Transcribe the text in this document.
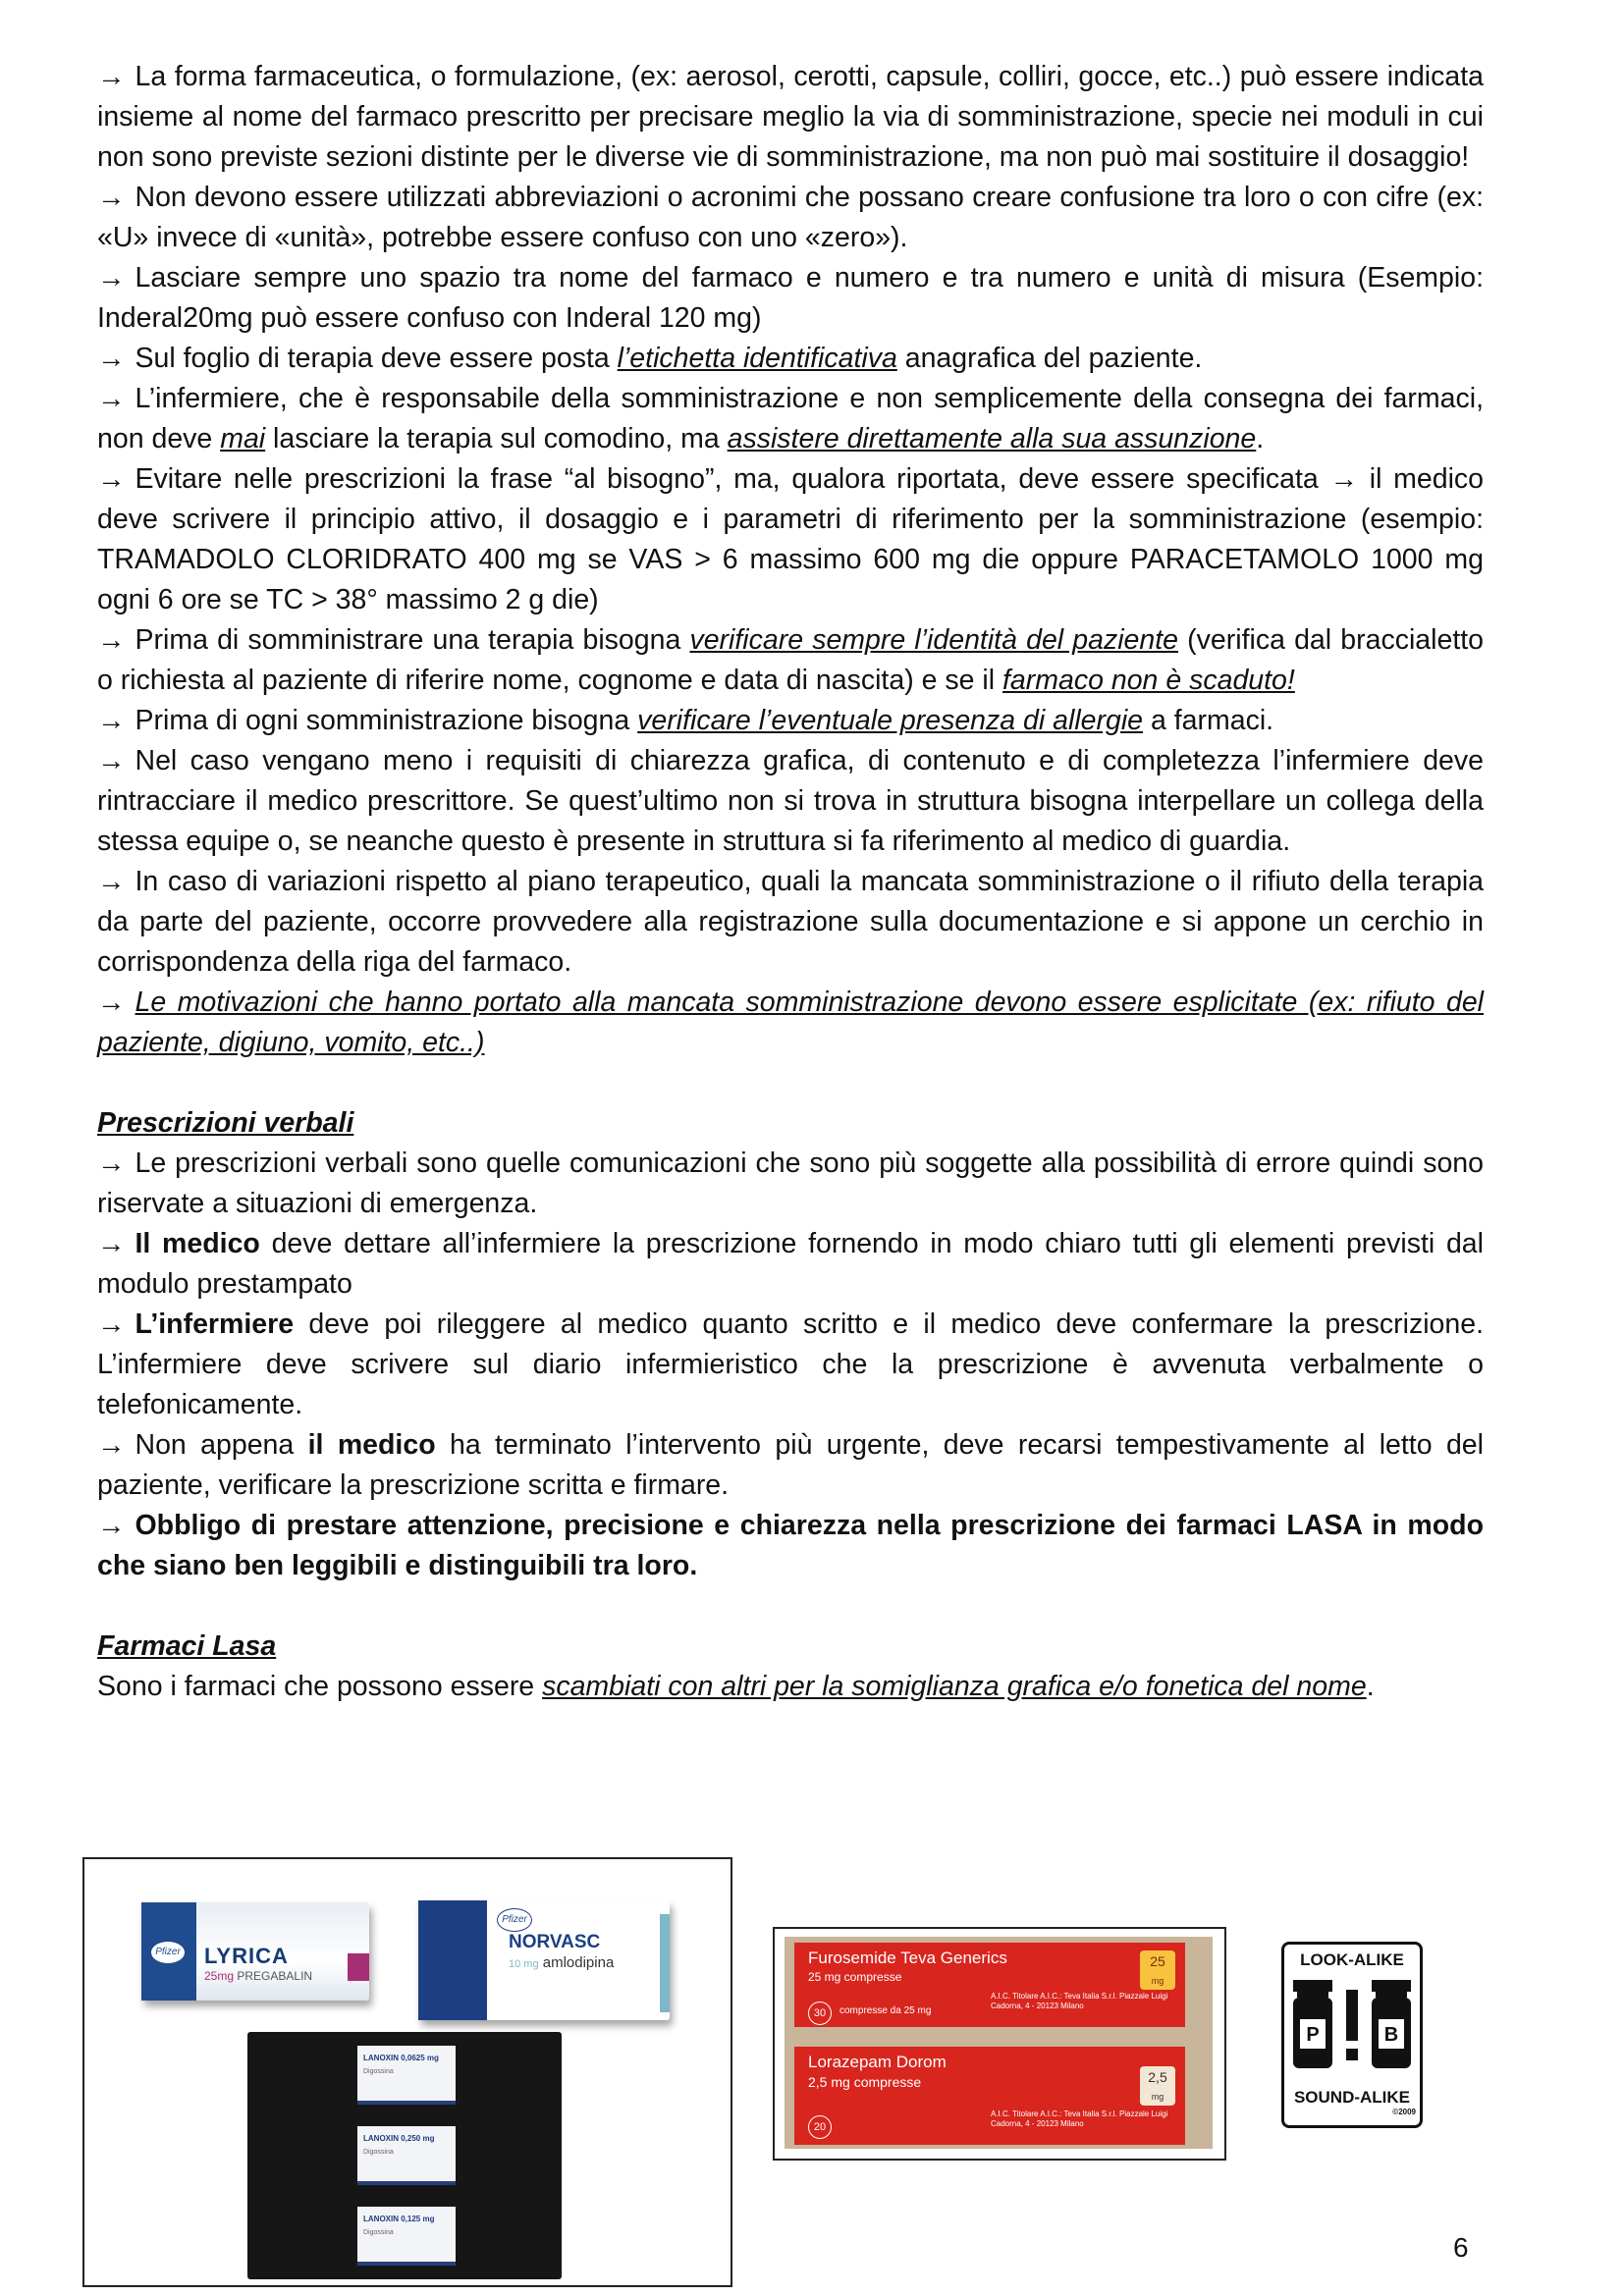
→ La forma farmaceutica, o formulazione, (ex: aerosol, cerotti, capsule, colliri, gocce, etc..) può essere indicata insieme al nome del farmaco prescritto per precisare meglio la via di somministrazione, specie nei moduli in cui non sono previste sezioni distinte per le diverse vie di somministrazione, ma non può mai sostituire il dosaggio!

→ Non devono essere utilizzati abbreviazioni o acronimi che possano creare confusione tra loro o con cifre (ex: «U» invece di «unità», potrebbe essere confuso con uno «zero»).

→ Lasciare sempre uno spazio tra nome del farmaco e numero e tra numero e unità di misura (Esempio: Inderal20mg può essere confuso con Inderal 120 mg)

→ Sul foglio di terapia deve essere posta l’etichetta identificativa anagrafica del paziente.

→ L’infermiere, che è responsabile della somministrazione e non semplicemente della consegna dei farmaci, non deve mai lasciare la terapia sul comodino, ma assistere direttamente alla sua assunzione.

→ Evitare nelle prescrizioni la frase “al bisogno”, ma, qualora riportata, deve essere specificata → il medico deve scrivere il principio attivo, il dosaggio e i parametri di riferimento per la somministrazione (esempio: TRAMADOLO CLORIDRATO 400 mg se VAS > 6 massimo 600 mg die oppure PARACETAMOLO 1000 mg ogni 6 ore se TC > 38° massimo 2 g die)

→ Prima di somministrare una terapia bisogna verificare sempre l’identità del paziente (verifica dal braccialetto o richiesta al paziente di riferire nome, cognome e data di nascita) e se il farmaco non è scaduto!

→ Prima di ogni somministrazione bisogna verificare l’eventuale presenza di allergie a farmaci.

→ Nel caso vengano meno i requisiti di chiarezza grafica, di contenuto e di completezza l’infermiere deve rintracciare il medico prescrittore. Se quest’ultimo non si trova in struttura bisogna interpellare un collega della stessa equipe o, se neanche questo è presente in struttura si fa riferimento al medico di guardia.

→ In caso di variazioni rispetto al piano terapeutico, quali la mancata somministrazione o il rifiuto della terapia da parte del paziente, occorre provvedere alla registrazione sulla documentazione e si appone un cerchio in corrispondenza della riga del farmaco.

→ Le motivazioni che hanno portato alla mancata somministrazione devono essere esplicitate (ex: rifiuto del paziente, digiuno, vomito, etc..)

Prescrizioni verbali

→ Le prescrizioni verbali sono quelle comunicazioni che sono più soggette alla possibilità di errore quindi sono riservate a situazioni di emergenza.

→ Il medico deve dettare all’infermiere la prescrizione fornendo in modo chiaro tutti gli elementi previsti dal modulo prestampato

→ L’infermiere deve poi rileggere al medico quanto scritto e il medico deve confermare la prescrizione. L’infermiere deve scrivere sul diario infermieristico che la prescrizione è avvenuta verbalmente o telefonicamente.

→ Non appena il medico ha terminato l’intervento più urgente, deve recarsi tempestivamente al letto del paziente, verificare la prescrizione scritta e firmare.

→ Obbligo di prestare attenzione, precisione e chiarezza nella prescrizione dei farmaci LASA in modo che siano ben leggibili e distinguibili tra loro.

Farmaci Lasa

Sono i farmaci che possono essere scambiati con altri per la somiglianza grafica e/o fonetica del nome.

Pfizer LYRICA
25mg PREGABALIN
Pfizer
NORVASC
10 mg amlodipina
LANOXIN 0,0625 mg
Digossina
LANOXIN 0,250 mg
Digossina
LANOXIN 0,125 mg
Digossina
Furosemide Teva Generics
25 mg compresse
30	compresse da 25 mg
A.I.C. Titolare A.I.C.: Teva Italia S.r.l. Piazzale Luigi Cadorna, 4 - 20123 Milano
25
mg
Lorazepam Dorom
2,5 mg compresse
20
A.I.C. Titolare A.I.C.: Teva Italia S.r.l. Piazzale Luigi Cadorna, 4 - 20123 Milano
2,5
mg
LOOK-ALIKE
P	B
SOUND-ALIKE
©2009
6
